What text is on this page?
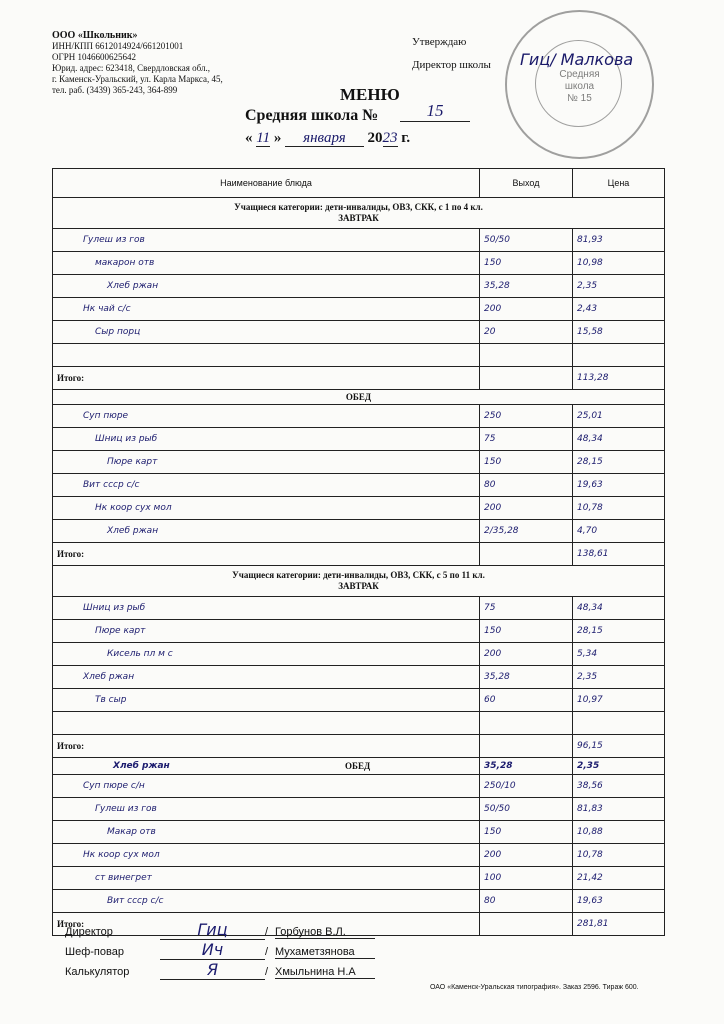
ООО «Школьник»
ИНН/КПП 6612014924/661201001
ОГРН 1046600625642
Юрид. адрес: 623418, Свердловская обл.,
г. Каменск-Уральский, ул. Карла Маркса, 45,
тел. раб. (3439) 365-243, 364-899
Средняя
школа
№ 15
Утверждаю
Директор школы Гиц/ Малкова
МЕНЮ
Средняя школа №	15
« 11 » января 2023 г.
Наименование блюда	Выход	Цена

Учащиеся категории: дети-инвалиды, ОВЗ, СКК, с 1 по 4 кл.
ЗАВТРАК		

Гулеш из гов	50/50	81,93
макарон отв	150	10,98
Хлеб ржан	35,28	2,35
Нк чай с/с	200	2,43
Сыр порц	20	15,58

Итого:		113,28
ОБЕД		
Суп пюре	250	25,01
Шниц из рыб	75	48,34
Пюре карт	150	28,15
Вит ссср с/с	80	19,63
Нк коор сух мол	200	10,78
Хлеб ржан	2/35,28	4,70
Итого:		138,61

Учащиеся категории: дети-инвалиды, ОВЗ, СКК, с 5 по 11 кл.
ЗАВТРАК		

Шниц из рыб	75	48,34
Пюре карт	150	28,15
Кисель пл м с	200	5,34
Хлеб ржан	35,28	2,35
Тв сыр	60	10,97

Итого:		96,15
Хлеб ржан ОБЕД	35,28	2,35
Суп пюре с/н	250/10	38,56
Гулеш из гов	50/50	81,83
Макар отв	150	10,88
Нк коор сух мол	200	10,78
ст винегрет	100	21,42
Вит ссср с/с	80	19,63
Итого:		281,81
Директор	Гиц	/ Горбунов В.Л.
Шеф-повар	Ич	/ Мухаметзянова
Калькулятор	Я	/ Хмыльнина Н.А
ОАО «Каменск-Уральская типография». Заказ 2596. Тираж 600.
